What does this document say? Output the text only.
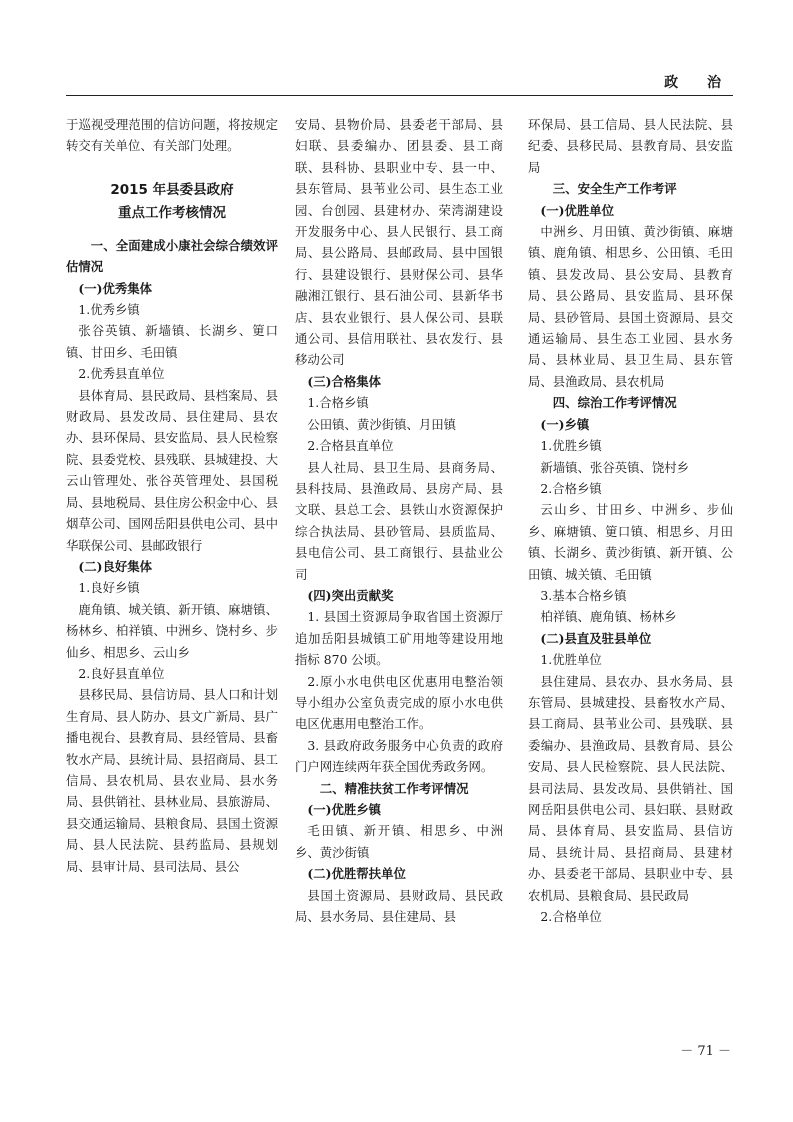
政 治

于巡视受理范围的信访问题，将按规定转交有关单位、有关部门处理。

2015 年县委县政府

重点工作考核情况

一、全面建成小康社会综合绩效评估情况

(一)优秀集体

1.优秀乡镇

张谷英镇、新墙镇、长湖乡、筻口镇、甘田乡、毛田镇

2.优秀县直单位

县体育局、县民政局、县档案局、县财政局、县发改局、县住建局、县农办、县环保局、县安监局、县人民检察院、县委党校、县残联、县城建投、大云山管理处、张谷英管理处、县国税局、县地税局、县住房公积金中心、县烟草公司、国网岳阳县供电公司、县中华联保公司、县邮政银行

(二)良好集体

1.良好乡镇

鹿角镇、城关镇、新开镇、麻塘镇、杨林乡、柏祥镇、中洲乡、饶村乡、步仙乡、相思乡、云山乡

2.良好县直单位

县移民局、县信访局、县人口和计划生育局、县人防办、县文广新局、县广播电视台、县教育局、县经管局、县畜牧水产局、县统计局、县招商局、县工信局、县农机局、县农业局、县水务局、县供销社、县林业局、县旅游局、县交通运输局、县粮食局、县国土资源局、县人民法院、县药监局、县规划局、县审计局、县司法局、县公

安局、县物价局、县委老干部局、县妇联、县委编办、团县委、县工商联、县科协、县职业中专、县一中、县东管局、县苇业公司、县生态工业园、台创园、县建材办、荣湾湖建设开发服务中心、县人民银行、县工商局、县公路局、县邮政局、县中国银行、县建设银行、县财保公司、县华融湘江银行、县石油公司、县新华书店、县农业银行、县人保公司、县联通公司、县信用联社、县农发行、县移动公司

(三)合格集体

1.合格乡镇

公田镇、黄沙街镇、月田镇

2.合格县直单位

县人社局、县卫生局、县商务局、县科技局、县渔政局、县房产局、县文联、县总工会、县铁山水资源保护综合执法局、县砂管局、县质监局、县电信公司、县工商银行、县盐业公司

(四)突出贡献奖

1. 县国土资源局争取省国土资源厅追加岳阳县城镇工矿用地等建设用地指标 870 公顷。

2.原小水电供电区优惠用电整治领导小组办公室负责完成的原小水电供电区优惠用电整治工作。

3. 县政府政务服务中心负责的政府门户网连续两年获全国优秀政务网。

二、精准扶贫工作考评情况

(一)优胜乡镇

毛田镇、新开镇、相思乡、中洲乡、黄沙街镇

(二)优胜帮扶单位

县国土资源局、县财政局、县民政局、县水务局、县住建局、县

环保局、县工信局、县人民法院、县纪委、县移民局、县教育局、县安监局

三、安全生产工作考评

(一)优胜单位

中洲乡、月田镇、黄沙街镇、麻塘镇、鹿角镇、相思乡、公田镇、毛田镇、县发改局、县公安局、县教育局、县公路局、县安监局、县环保局、县砂管局、县国土资源局、县交通运输局、县生态工业园、县水务局、县林业局、县卫生局、县东管局、县渔政局、县农机局

四、综治工作考评情况

(一)乡镇

1.优胜乡镇

新墙镇、张谷英镇、饶村乡

2.合格乡镇

云山乡、甘田乡、中洲乡、步仙乡、麻塘镇、筻口镇、相思乡、月田镇、长湖乡、黄沙街镇、新开镇、公田镇、城关镇、毛田镇

3.基本合格乡镇

柏祥镇、鹿角镇、杨林乡

(二)县直及驻县单位

1.优胜单位

县住建局、县农办、县水务局、县东管局、县城建投、县畜牧水产局、县工商局、县苇业公司、县残联、县委编办、县渔政局、县教育局、县公安局、县人民检察院、县人民法院、县司法局、县发改局、县供销社、国网岳阳县供电公司、县妇联、县财政局、县体育局、县安监局、县信访局、县统计局、县招商局、县建材办、县委老干部局、县职业中专、县农机局、县粮食局、县民政局

2.合格单位

－ 71 －
